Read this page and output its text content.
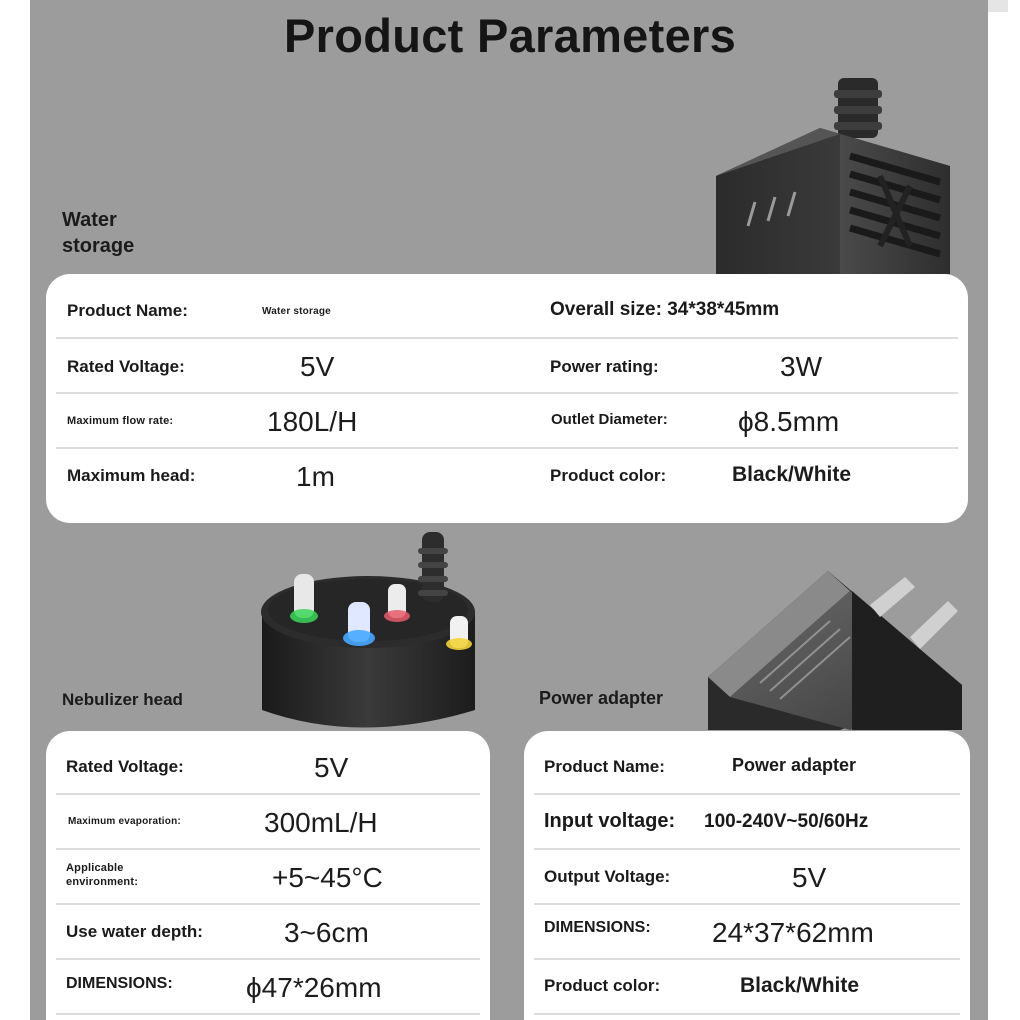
Product Parameters
Water
storage
Product Name:	Water storage	Overall size: 34*38*45mm
Rated Voltage:	5V	Power rating:	3W
Maximum flow rate:	180L/H	Outlet Diameter:	ϕ8.5mm
Maximum head:	1m	Product color:	Black/White
Nebulizer head	Power adapter
Rated Voltage:	5V
Maximum evaporation:	300mL/H
Applicable environment:	+5~45°C
Use water depth:	3~6cm
DIMENSIONS:	ϕ47*26mm
Product Name:	Power adapter
Input voltage: 100-240V~50/60Hz
Output Voltage:	5V
DIMENSIONS: 24*37*62mm
Product color:	Black/White
